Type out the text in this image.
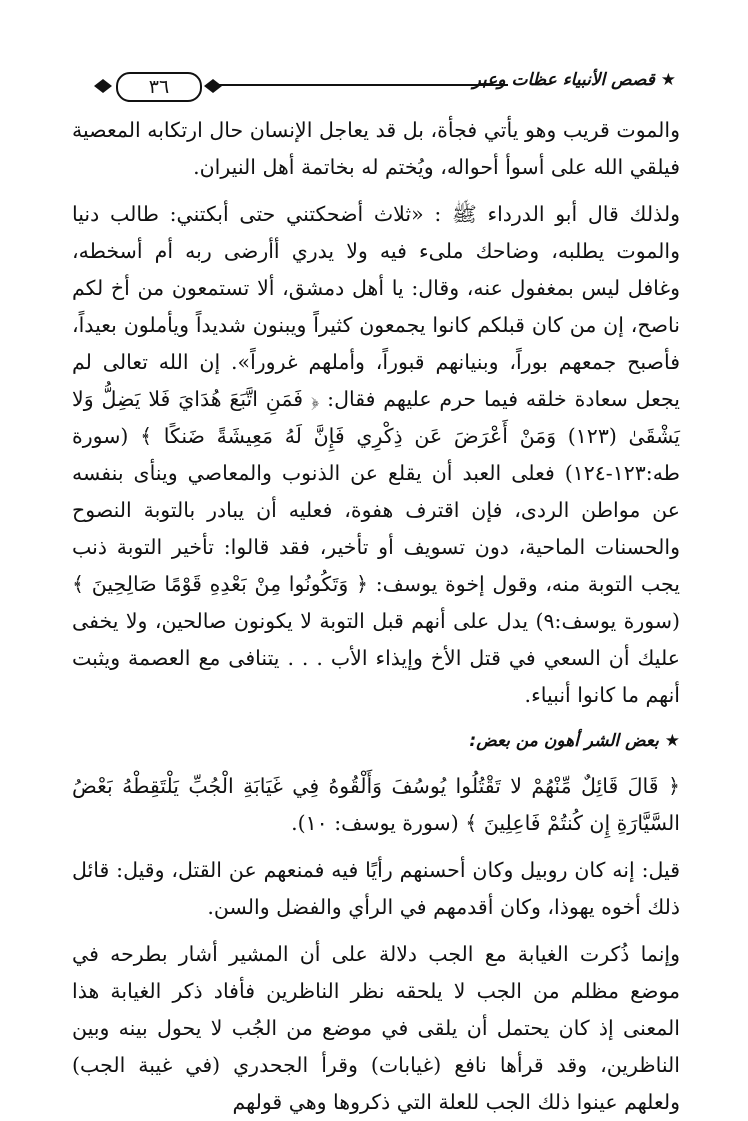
★ قصص الأنبياء عظات وعبر
٣٦

والموت قريب وهو يأتي فجأة، بل قد يعاجل الإنسان حال ارتكابه المعصية فيلقي الله على أسوأ أحواله، ويُختم له بخاتمة أهل النيران.

ولذلك قال أبو الدرداء ﷺ : «ثلاث أضحكتني حتى أبكتني: طالب دنيا والموت يطلبه، وضاحك ملىء فيه ولا يدري أأرضى ربه أم أسخطه، وغافل ليس بمغفول عنه، وقال: يا أهل دمشق، ألا تستمعون من أخ لكم ناصح، إن من كان قبلكم كانوا يجمعون كثيراً ويبنون شديداً ويأملون بعيداً، فأصبح جمعهم بوراً، وبنيانهم قبوراً، وأملهم غروراً». إن الله تعالى لم يجعل سعادة خلقه فيما حرم عليهم فقال: ﴿ فَمَنِ اتَّبَعَ هُدَايَ فَلا يَضِلُّ وَلا يَشْقَىٰ (١٢٣) وَمَنْ أَعْرَضَ عَن ذِكْرِي فَإِنَّ لَهُ مَعِيشَةً ضَنكًا ﴾ (سورة طه:١٢٣-١٢٤) فعلى العبد أن يقلع عن الذنوب والمعاصي وينأى بنفسه عن مواطن الردى، فإن اقترف هفوة، فعليه أن يبادر بالتوبة النصوح والحسنات الماحية، دون تسويف أو تأخير، فقد قالوا: تأخير التوبة ذنب يجب التوبة منه، وقول إخوة يوسف: ﴿ وَتَكُونُوا مِنْ بَعْدِهِ قَوْمًا صَالِحِينَ ﴾ (سورة يوسف:٩) يدل على أنهم قبل التوبة لا يكونون صالحين، ولا يخفى عليك أن السعي في قتل الأخ وإيذاء الأب . . . يتنافى مع العصمة ويثبت أنهم ما كانوا أنبياء.

★ بعض الشر أهون من بعض:

﴿ قَالَ قَائِلٌ مِّنْهُمْ لا تَقْتُلُوا يُوسُفَ وَأَلْقُوهُ فِي غَيَابَةِ الْجُبِّ يَلْتَقِطْهُ بَعْضُ السَّيَّارَةِ إِن كُنتُمْ فَاعِلِينَ ﴾ (سورة يوسف: ١٠).

قيل: إنه كان روبيل وكان أحسنهم رأيًا فيه فمنعهم عن القتل، وقيل: قائل ذلك أخوه يهوذا، وكان أقدمهم في الرأي والفضل والسن.

وإنما ذُكرت الغيابة مع الجب دلالة على أن المشير أشار بطرحه في موضع مظلم من الجب لا يلحقه نظر الناظرين فأفاد ذكر الغيابة هذا المعنى إذ كان يحتمل أن يلقى في موضع من الجُب لا يحول بينه وبين الناظرين، وقد قرأها نافع (غيابات) وقرأ الجحدري (في غيبة الجب) ولعلهم عينوا ذلك الجب للعلة التي ذكروها وهي قولهم
